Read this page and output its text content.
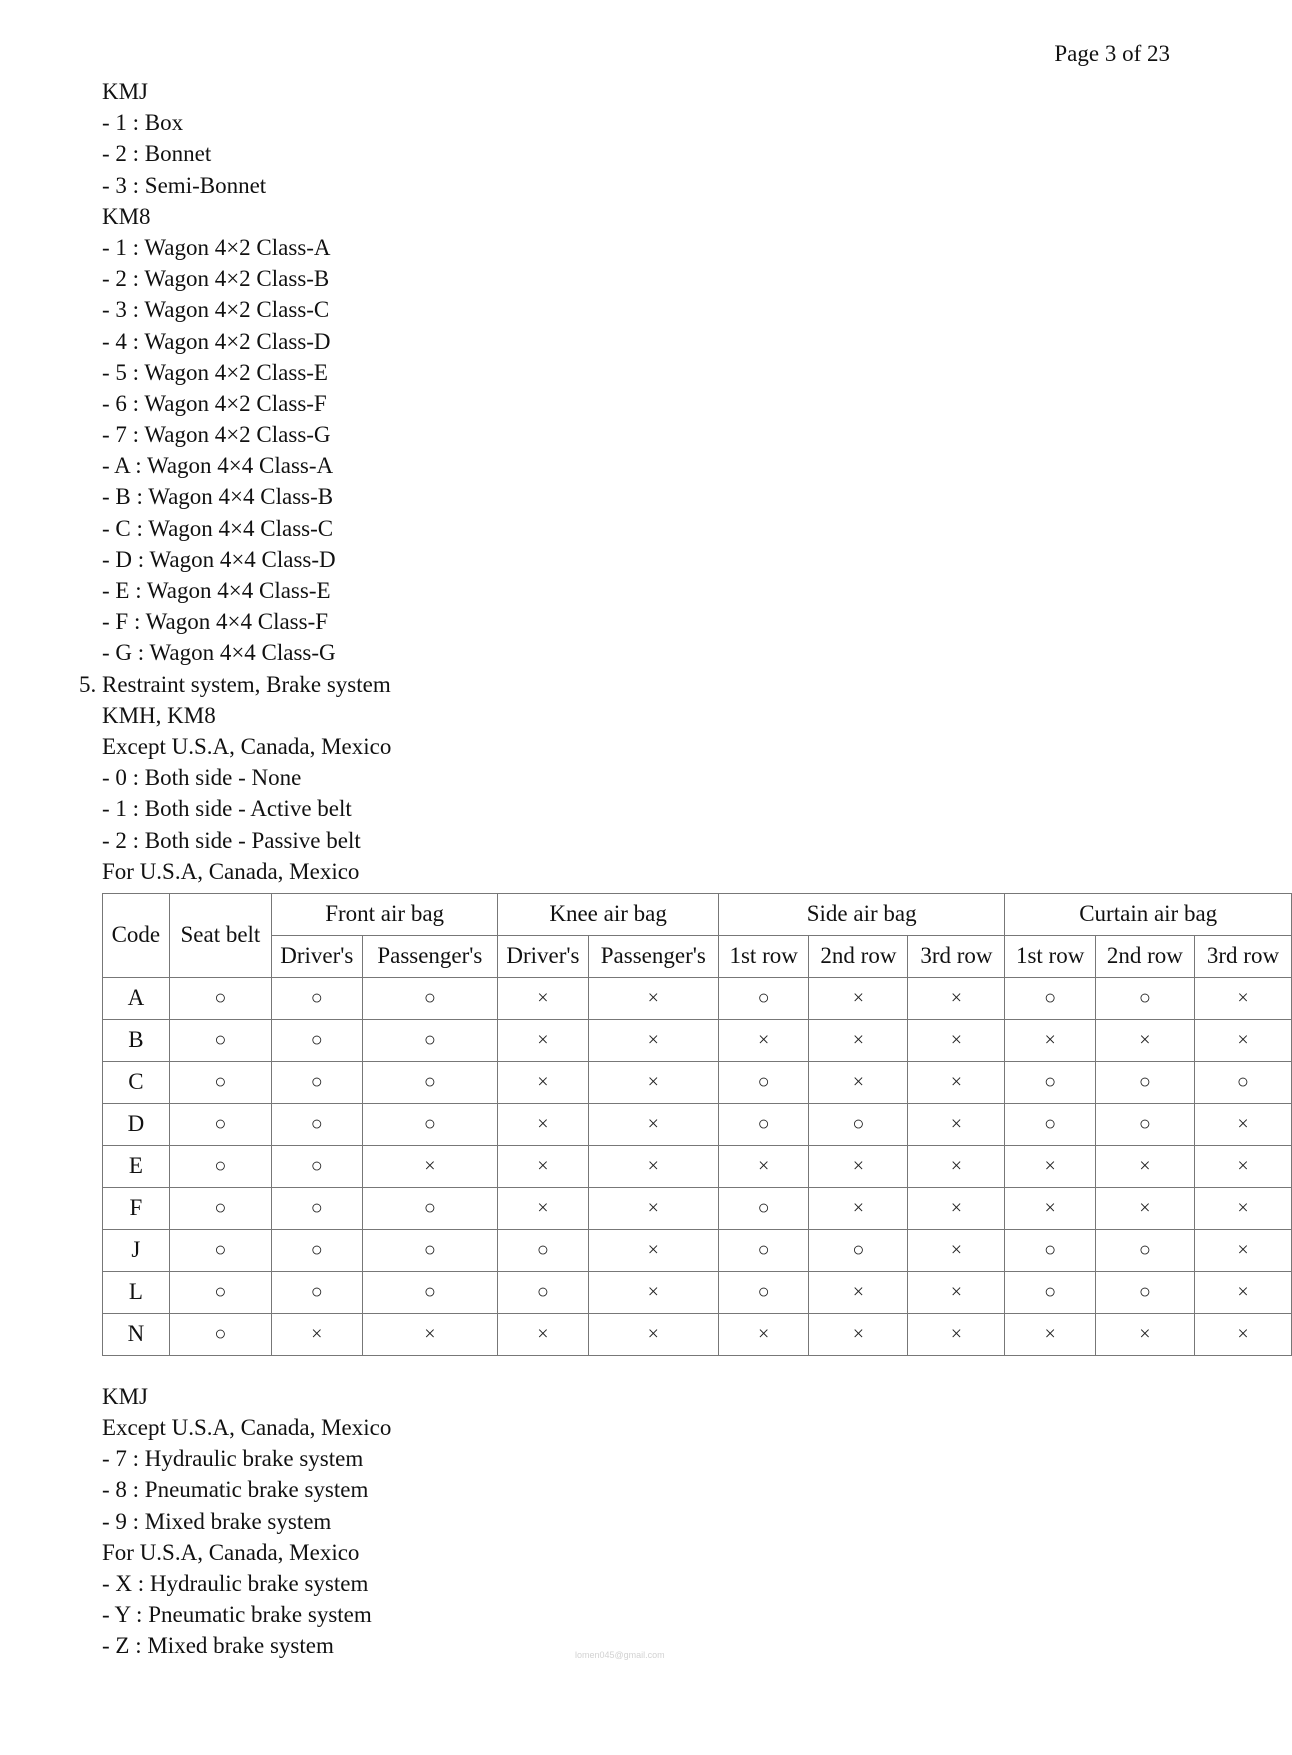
Page 3 of 23
KMJ
- 1 : Box
- 2 : Bonnet
- 3 : Semi-Bonnet
KM8
- 1 : Wagon 4×2 Class-A
- 2 : Wagon 4×2 Class-B
- 3 : Wagon 4×2 Class-C
- 4 : Wagon 4×2 Class-D
- 5 : Wagon 4×2 Class-E
- 6 : Wagon 4×2 Class-F
- 7 : Wagon 4×2 Class-G
- A : Wagon 4×4 Class-A
- B : Wagon 4×4 Class-B
- C : Wagon 4×4 Class-C
- D : Wagon 4×4 Class-D
- E : Wagon 4×4 Class-E
- F : Wagon 4×4 Class-F
- G : Wagon 4×4 Class-G
5. Restraint system, Brake system
KMH, KM8
Except U.S.A, Canada, Mexico
- 0 : Both side - None
- 1 : Both side - Active belt
- 2 : Both side - Passive belt
For U.S.A, Canada, Mexico
Code	Seat belt	Front air bag		Knee air bag		Side air bag			Curtain air bag		
		Driver's	Passenger's	Driver's	Passenger's	1st row	2nd row	3rd row	1st row	2nd row	3rd row
A	○	○	○	×	×	○	×	×	○	○	×
B	○	○	○	×	×	×	×	×	×	×	×
C	○	○	○	×	×	○	×	×	○	○	○
D	○	○	○	×	×	○	○	×	○	○	×
E	○	○	×	×	×	×	×	×	×	×	×
F	○	○	○	×	×	○	×	×	×	×	×
J	○	○	○	○	×	○	○	×	○	○	×
L	○	○	○	○	×	○	×	×	○	○	×
N	○	×	×	×	×	×	×	×	×	×	×
KMJ
Except U.S.A, Canada, Mexico
- 7 : Hydraulic brake system
- 8 : Pneumatic brake system
- 9 : Mixed brake system
For U.S.A, Canada, Mexico
- X : Hydraulic brake system
- Y : Pneumatic brake system
- Z : Mixed brake system	lomen045@gmail.com
